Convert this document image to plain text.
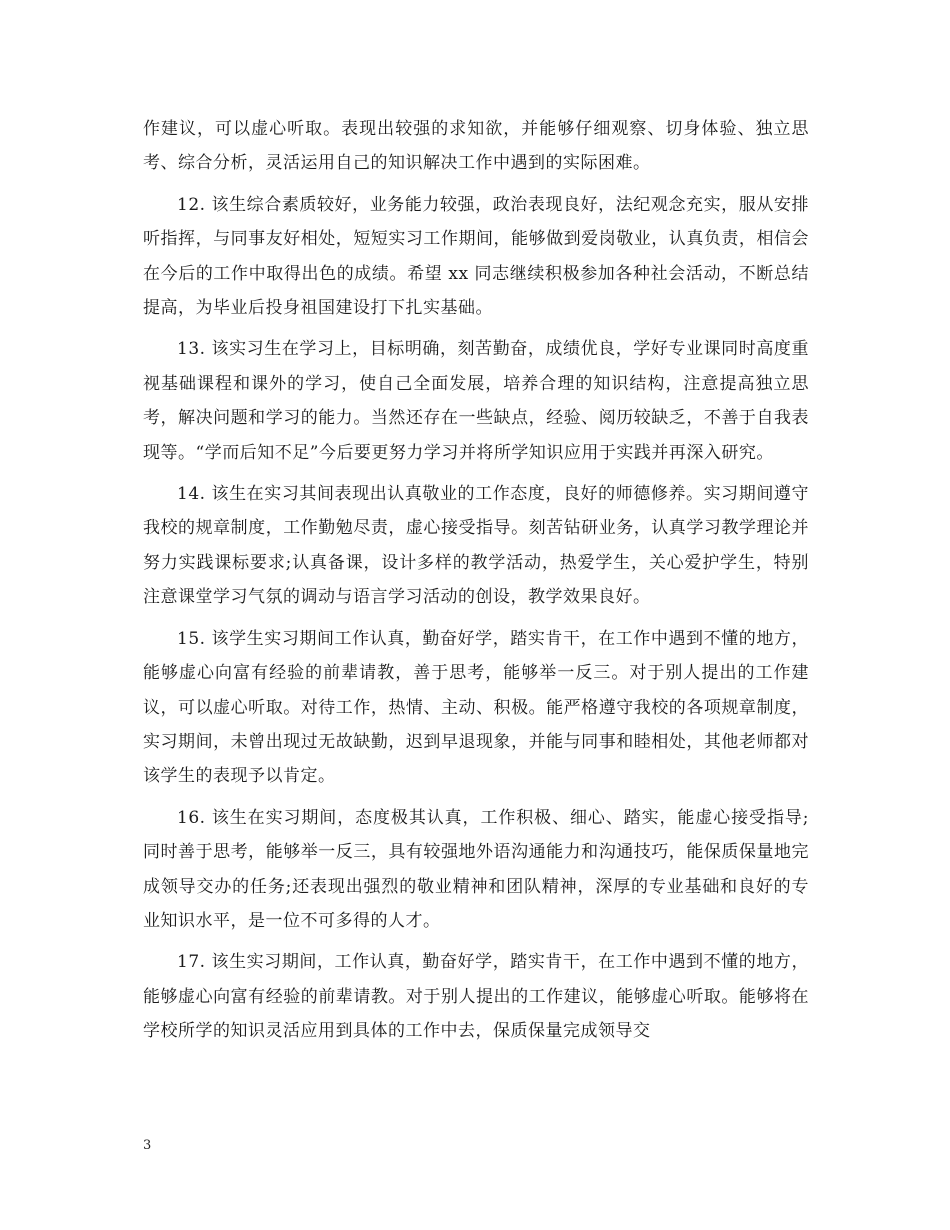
作建议，可以虚心听取。表现出较强的求知欲，并能够仔细观察、切身体验、独立思考、综合分析，灵活运用自己的知识解决工作中遇到的实际困难。

12. 该生综合素质较好，业务能力较强，政治表现良好，法纪观念充实，服从安排听指挥，与同事友好相处，短短实习工作期间，能够做到爱岗敬业，认真负责，相信会在今后的工作中取得出色的成绩。希望 xx 同志继续积极参加各种社会活动，不断总结提高，为毕业后投身祖国建设打下扎实基础。

13. 该实习生在学习上，目标明确，刻苦勤奋，成绩优良，学好专业课同时高度重视基础课程和课外的学习，使自己全面发展，培养合理的知识结构，注意提高独立思考，解决问题和学习的能力。当然还存在一些缺点，经验、阅历较缺乏，不善于自我表现等。“学而后知不足”今后要更努力学习并将所学知识应用于实践并再深入研究。

14. 该生在实习其间表现出认真敬业的工作态度，良好的师德修养。实习期间遵守我校的规章制度，工作勤勉尽责，虚心接受指导。刻苦钻研业务，认真学习教学理论并努力实践课标要求;认真备课，设计多样的教学活动，热爱学生，关心爱护学生，特别注意课堂学习气氛的调动与语言学习活动的创设，教学效果良好。

15. 该学生实习期间工作认真，勤奋好学，踏实肯干，在工作中遇到不懂的地方，能够虚心向富有经验的前辈请教，善于思考，能够举一反三。对于别人提出的工作建议，可以虚心听取。对待工作，热情、主动、积极。能严格遵守我校的各项规章制度，实习期间，未曾出现过无故缺勤，迟到早退现象，并能与同事和睦相处，其他老师都对该学生的表现予以肯定。

16. 该生在实习期间，态度极其认真，工作积极、细心、踏实，能虚心接受指导;同时善于思考，能够举一反三，具有较强地外语沟通能力和沟通技巧，能保质保量地完成领导交办的任务;还表现出强烈的敬业精神和团队精神，深厚的专业基础和良好的专业知识水平，是一位不可多得的人才。

17. 该生实习期间，工作认真，勤奋好学，踏实肯干，在工作中遇到不懂的地方，能够虚心向富有经验的前辈请教。对于别人提出的工作建议，能够虚心听取。能够将在学校所学的知识灵活应用到具体的工作中去，保质保量完成领导交

3
